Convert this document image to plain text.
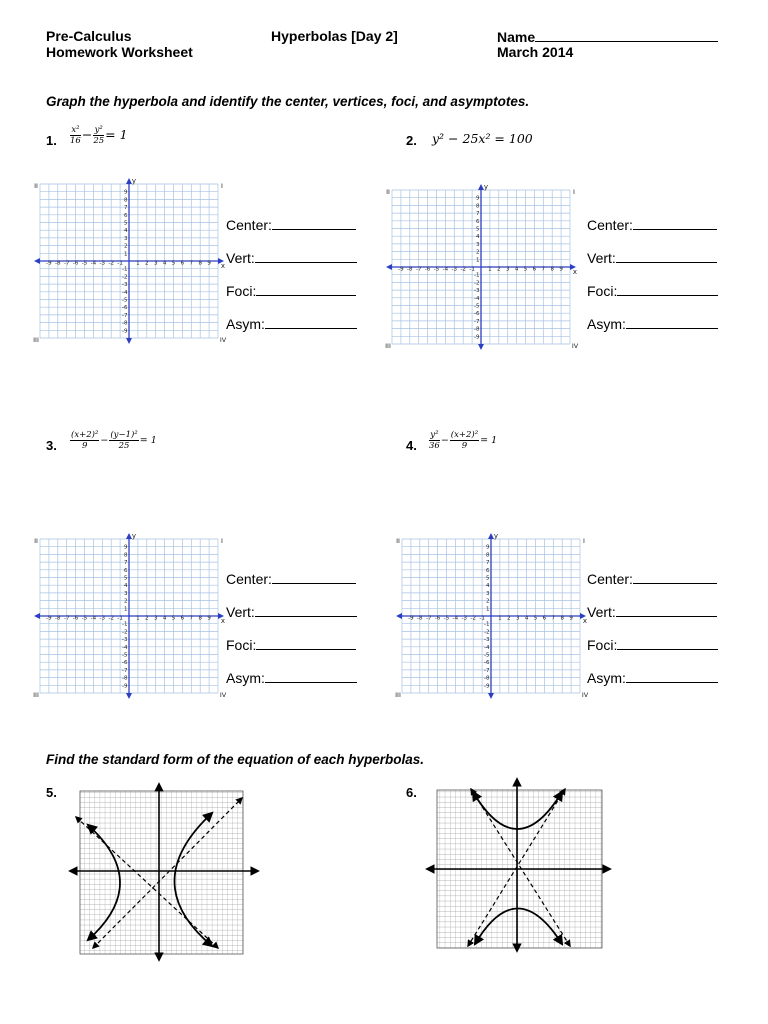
Pre-Calculus
Homework Worksheet
Hyperbolas [Day 2]	Name
March 2014
Graph the hyperbola and identify the center, vertices, foci, and asymptotes.
1. $\frac{\text{x²}}{16} - \frac{\text{y²}}{25} = 1$	2. y² − 25x² = 100
3. $\frac{\text{(x+2)²}}{9} - \frac{\text{(y−1)²}}{25} = 1$	4. $\frac{\text{y²}}{36} - \frac{\text{(x+2)²}}{9} = 1$
-9
-9
-8
-8
-7
-7
-6
-6
-5
-5
-4
-4
-3
-3
-2
-2
-1
-1
1
1
2
2
3
3
4
4
5
5
6
6
7
7
8
8
9
9
x
y
I
II
III	IV
-9
-9
-8
-8
-7
-7
-6
-6
-5
-5
-4
-4
-3
-3
-2
-2
-1
-1
1
1
2
2
3
3
4
4
5
5
6
6
7
7
8
8
9
9
x
y
I
II
III	IV
-9
-9
-8
-8
-7
-7
-6
-6
-5
-5
-4
-4
-3
-3
-2
-2
-1
-1
1
1
2
2
3
3
4
4
5
5
6
6
7
7
8
8
9
9
x
y
I
II
III	IV
-9
-9
-8
-8
-7
-7
-6
-6
-5
-5
-4
-4
-3
-3
-2
-2
-1
-1
1
1
2
2
3
3
4
4
5
5
6
6
7
7
8
8
9
9
x
y
I
II
III	IV
Center:
Vert:
Foci:
Asym:
Center:
Vert:
Foci:
Asym:
Center:
Vert:
Foci:
Asym:
Center:
Vert:
Foci:
Asym:
Find the standard form of the equation of each hyperbolas.
5.	6.
